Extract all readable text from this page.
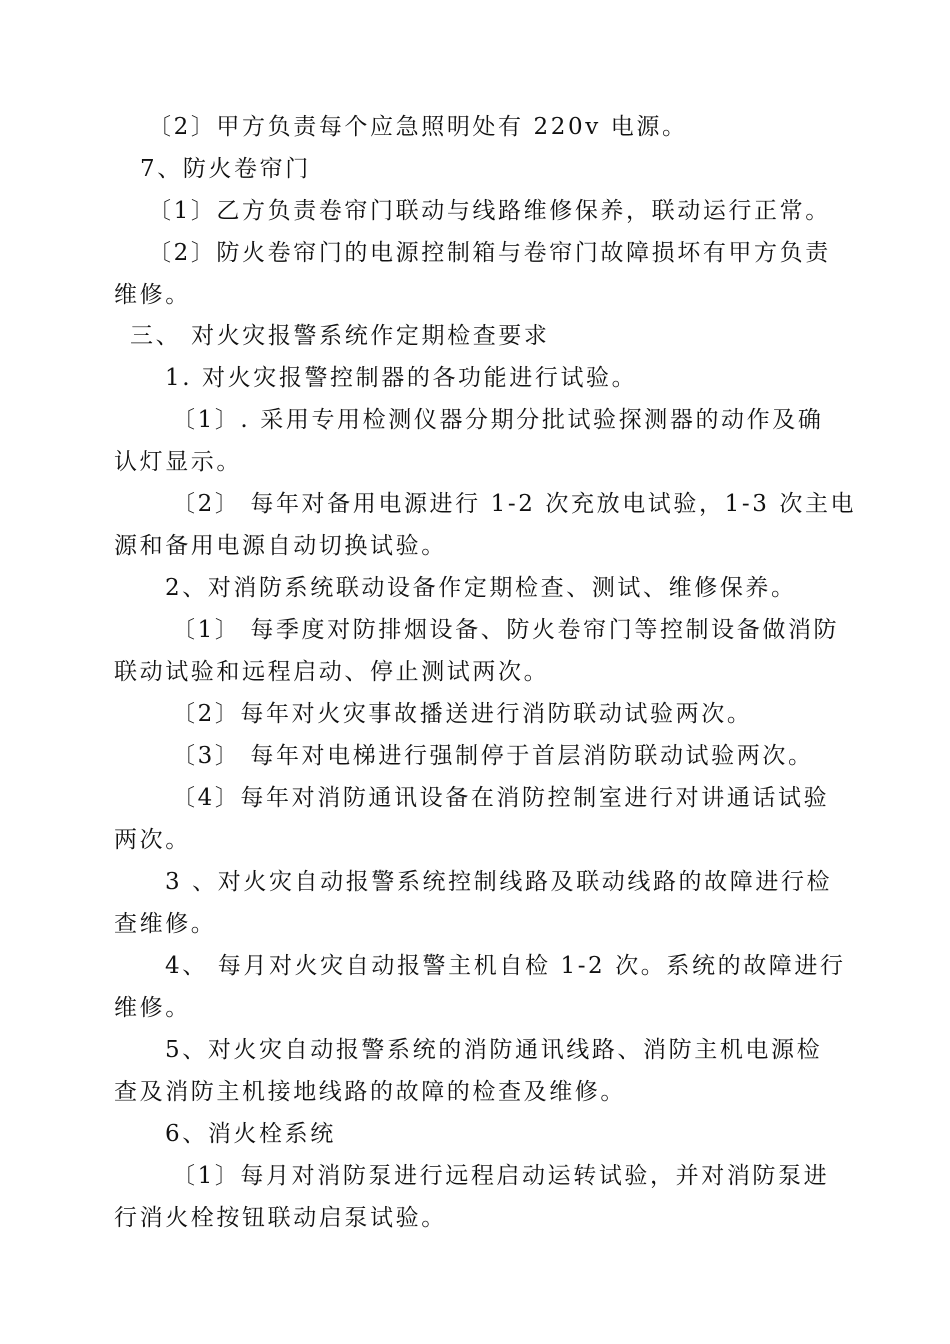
〔2〕甲方负责每个应急照明处有 220v 电源。
7、防火卷帘门
〔1〕乙方负责卷帘门联动与线路维修保养，联动运行正常。
〔2〕防火卷帘门的电源控制箱与卷帘门故障损坏有甲方负责
维修。
三、 对火灾报警系统作定期检查要求
1. 对火灾报警控制器的各功能进行试验。
〔1〕. 采用专用检测仪器分期分批试验探测器的动作及确
认灯显示。
〔2〕 每年对备用电源进行 1-2 次充放电试验，1-3 次主电
源和备用电源自动切换试验。
2、对消防系统联动设备作定期检查、测试、维修保养。
〔1〕 每季度对防排烟设备、防火卷帘门等控制设备做消防
联动试验和远程启动、停止测试两次。
〔2〕每年对火灾事故播送进行消防联动试验两次。
〔3〕 每年对电梯进行强制停于首层消防联动试验两次。
〔4〕每年对消防通讯设备在消防控制室进行对讲通话试验
两次。
3 、对火灾自动报警系统控制线路及联动线路的故障进行检
查维修。
4、 每月对火灾自动报警主机自检 1-2 次。系统的故障进行
维修。
5、对火灾自动报警系统的消防通讯线路、消防主机电源检
查及消防主机接地线路的故障的检查及维修。
6、消火栓系统
〔1〕每月对消防泵进行远程启动运转试验，并对消防泵进
行消火栓按钮联动启泵试验。
